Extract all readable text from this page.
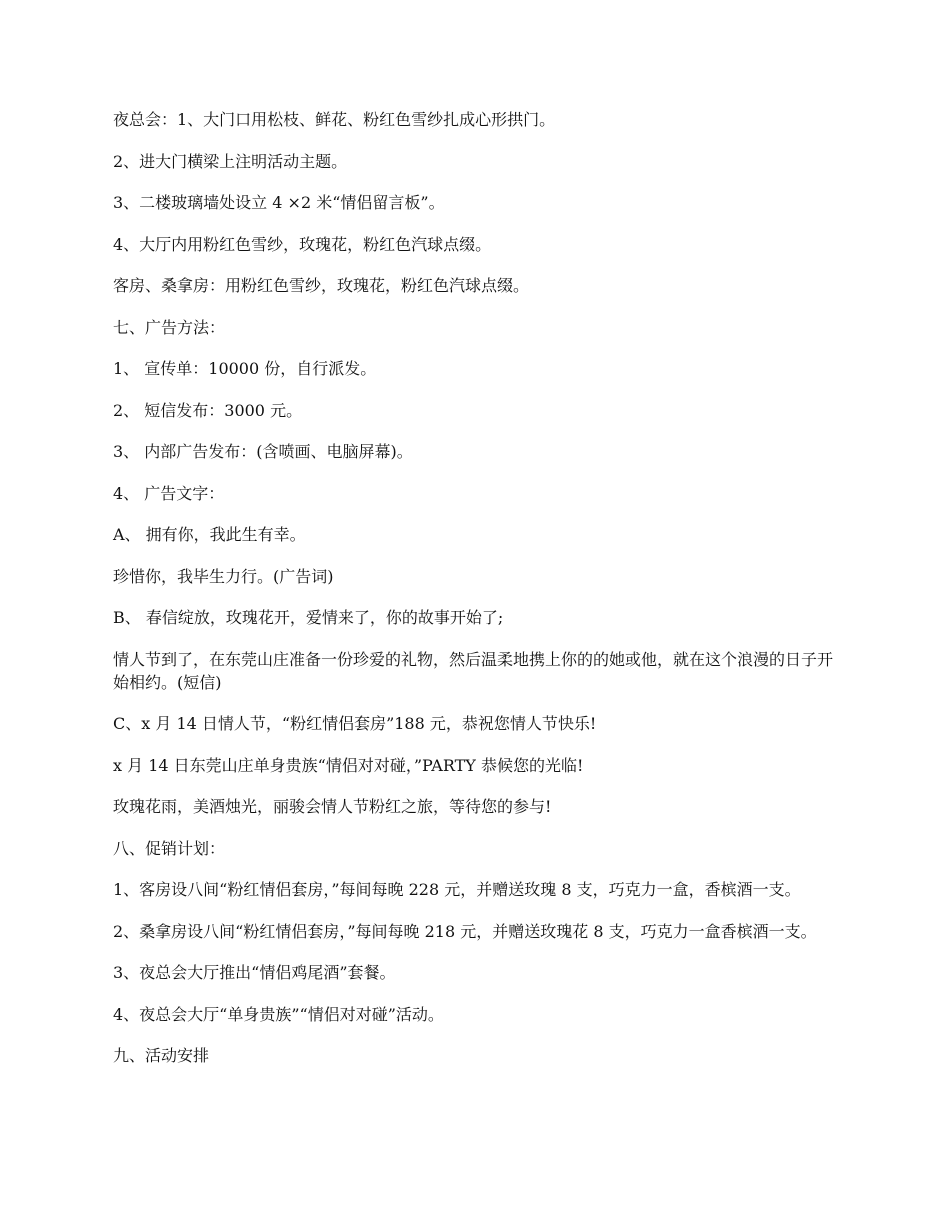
夜总会：1、大门口用松枝、鲜花、粉红色雪纱扎成心形拱门。

2、进大门横梁上注明活动主题。

3、二楼玻璃墙处设立 4 ×2 米“情侣留言板”。

4、大厅内用粉红色雪纱，玫瑰花，粉红色汽球点缀。

客房、桑拿房：用粉红色雪纱，玫瑰花，粉红色汽球点缀。

七、广告方法：

1、 宣传单：10000 份，自行派发。

2、 短信发布：3000 元。

3、 内部广告发布：(含喷画、电脑屏幕)。

4、 广告文字：

A、 拥有你，我此生有幸。

珍惜你，我毕生力行。(广告词)

B、 春信绽放，玫瑰花开，爱情来了，你的故事开始了;

情人节到了，在东莞山庄准备一份珍爱的礼物，然后温柔地携上你的的她或他，就在这个浪漫的日子开始相约。(短信)

C、x 月 14 日情人节，“粉红情侣套房”188 元，恭祝您情人节快乐!

x 月 14 日东莞山庄单身贵族“情侣对对碰，”PARTY 恭候您的光临!

玫瑰花雨，美酒烛光，丽骏会情人节粉红之旅，等待您的参与!

八、促销计划：

1、客房设八间“粉红情侣套房，”每间每晚 228 元，并赠送玫瑰 8 支，巧克力一盒，香槟酒一支。

2、桑拿房设八间“粉红情侣套房，”每间每晚 218 元，并赠送玫瑰花 8 支，巧克力一盒香槟酒一支。

3、夜总会大厅推出“情侣鸡尾酒”套餐。

4、夜总会大厅“单身贵族”“情侣对对碰”活动。

九、活动安排
